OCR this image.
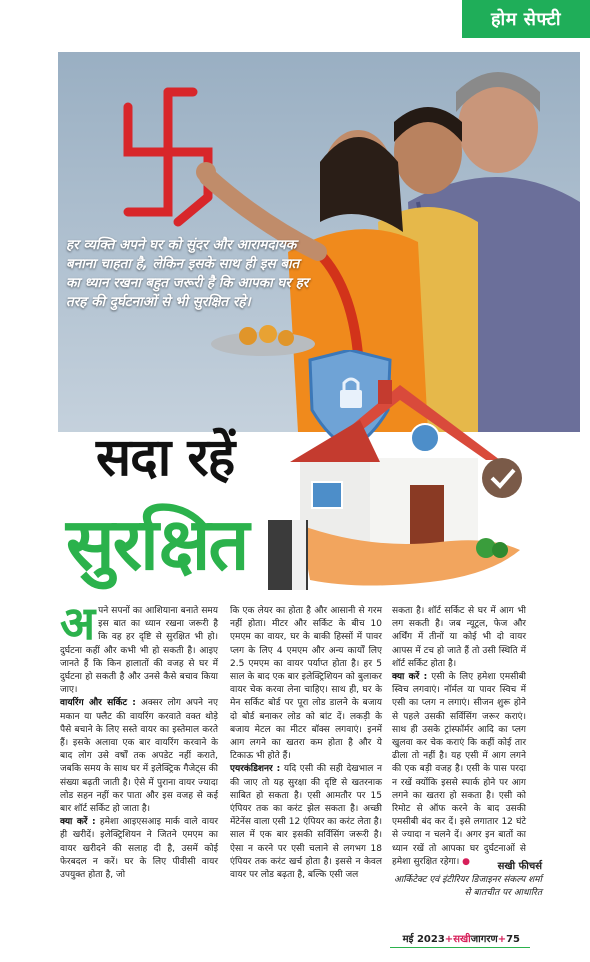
होम सेफ्टी
हर व्यक्ति अपने घर को सुंदर और आरामदायक बनाना चाहता है, लेकिन इसके साथ ही इस बात का ध्यान रखना बहुत जरूरी है कि आपका घर हर तरह की दुर्घटनाओं से भी सुरक्षित रहे।
सदा रहें
सुरक्षित

अपने सपनों का आशियाना बनाते समय इस बात का ध्यान रखना जरूरी है कि वह हर दृष्टि से सुरक्षित भी हो। दुर्घटना कहीं और कभी भी हो सकती है। आइए जानते हैं कि किन हालातों की वजह से घर में दुर्घटना हो सकती है और उनसे कैसे बचाव किया जाए।

वायरिंग और सर्किट : अक्सर लोग अपने नए मकान या फ्लैट की वायरिंग करवाते वक्त थोड़े पैसे बचाने के लिए सस्ते वायर का इस्तेमाल करते हैं। इसके अलावा एक बार वायरिंग करवाने के बाद लोग उसे वर्षों तक अपडेट नहीं कराते, जबकि समय के साथ घर में इलेक्ट्रिक गैजेट्स की संख्या बढ़ती जाती है। ऐसे में पुराना वायर ज्यादा लोड सहन नहीं कर पाता और इस वजह से कई बार शॉर्ट सर्किट हो जाता है।

क्या करें : हमेशा आइएसआइ मार्क वाले वायर ही खरीदें। इलेक्ट्रिशियन ने जितने एमएम का वायर खरीदने की सलाह दी है, उसमें कोई फेरबदल न करें। घर के लिए पीवीसी वायर उपयुक्त होता है, जो

कि एक लेयर का होता है और आसानी से गरम नहीं होता। मीटर और सर्किट के बीच 10 एमएम का वायर, घर के बाकी हिस्सों में पावर प्लग के लिए 4 एमएम और अन्य कार्यों लिए 2.5 एमएम का वायर पर्याप्त होता है। हर 5 साल के बाद एक बार इलेक्ट्रिशियन को बुलाकर वायर चेक करवा लेना चाहिए। साथ ही, घर के मेन सर्किट बोर्ड पर पूरा लोड डालने के बजाय दो बोर्ड बनाकर लोड को बांट दें। लकड़ी के बजाय मेटल का मीटर बॉक्स लगवाएं। इनमें आग लगने का खतरा कम होता है और ये टिकाऊ भी होते हैं।

एयरकंडिशनर : यदि एसी की सही देखभाल न की जाए तो यह सुरक्षा की दृष्टि से खतरनाक साबित हो सकता है। एसी आमतौर पर 15 एंपियर तक का करंट झेल सकता है। अच्छी मेंटेनेंस वाला एसी 12 एंपियर का करंट लेता है। साल में एक बार इसकी सर्विसिंग जरूरी है। ऐसा न करने पर एसी चलाने से लगभग 18 एंपियर तक करंट खर्च होता है। इससे न केवल वायर पर लोड बढ़ता है, बल्कि एसी जल

सकता है। शॉर्ट सर्किट से घर में आग भी लग सकती है। जब न्यूट्रल, फेज और अर्थिंग में तीनों या कोई भी दो वायर आपस में टच हो जाते हैं तो उसी स्थिति में शॉर्ट सर्किट होता है।

क्या करें : एसी के लिए हमेशा एमसीबी स्विच लगवाएं। नॉर्मल या पावर स्विच में एसी का प्लग न लगाएं। सीजन शुरू होने से पहले उसकी सर्विसिंग जरूर कराएं। साथ ही उसके ट्रांस्फॉर्मर आदि का प्लग खुलवा कर चेक कराएं कि कहीं कोई तार ढीला तो नहीं है। यह एसी में आग लगने की एक बड़ी वजह है। एसी के पास परदा न रखें क्योंकि इससे स्पार्क होने पर आग लगने का खतरा हो सकता है। एसी को रिमोट से ऑफ करने के बाद उसकी एमसीबी बंद कर दें। इसे लगातार 12 घंटे से ज्यादा न चलने दें। अगर इन बातों का ध्यान रखें तो आपका घर दुर्घटनाओं से हमेशा सुरक्षित रहेगा। ●	सखी फीचर्स
आर्किटेक्ट एवं इंटीरियर डिजाइनर संकल्प शर्मा से बातचीत पर आधारित
मई 2023+सखीजागरण+75
